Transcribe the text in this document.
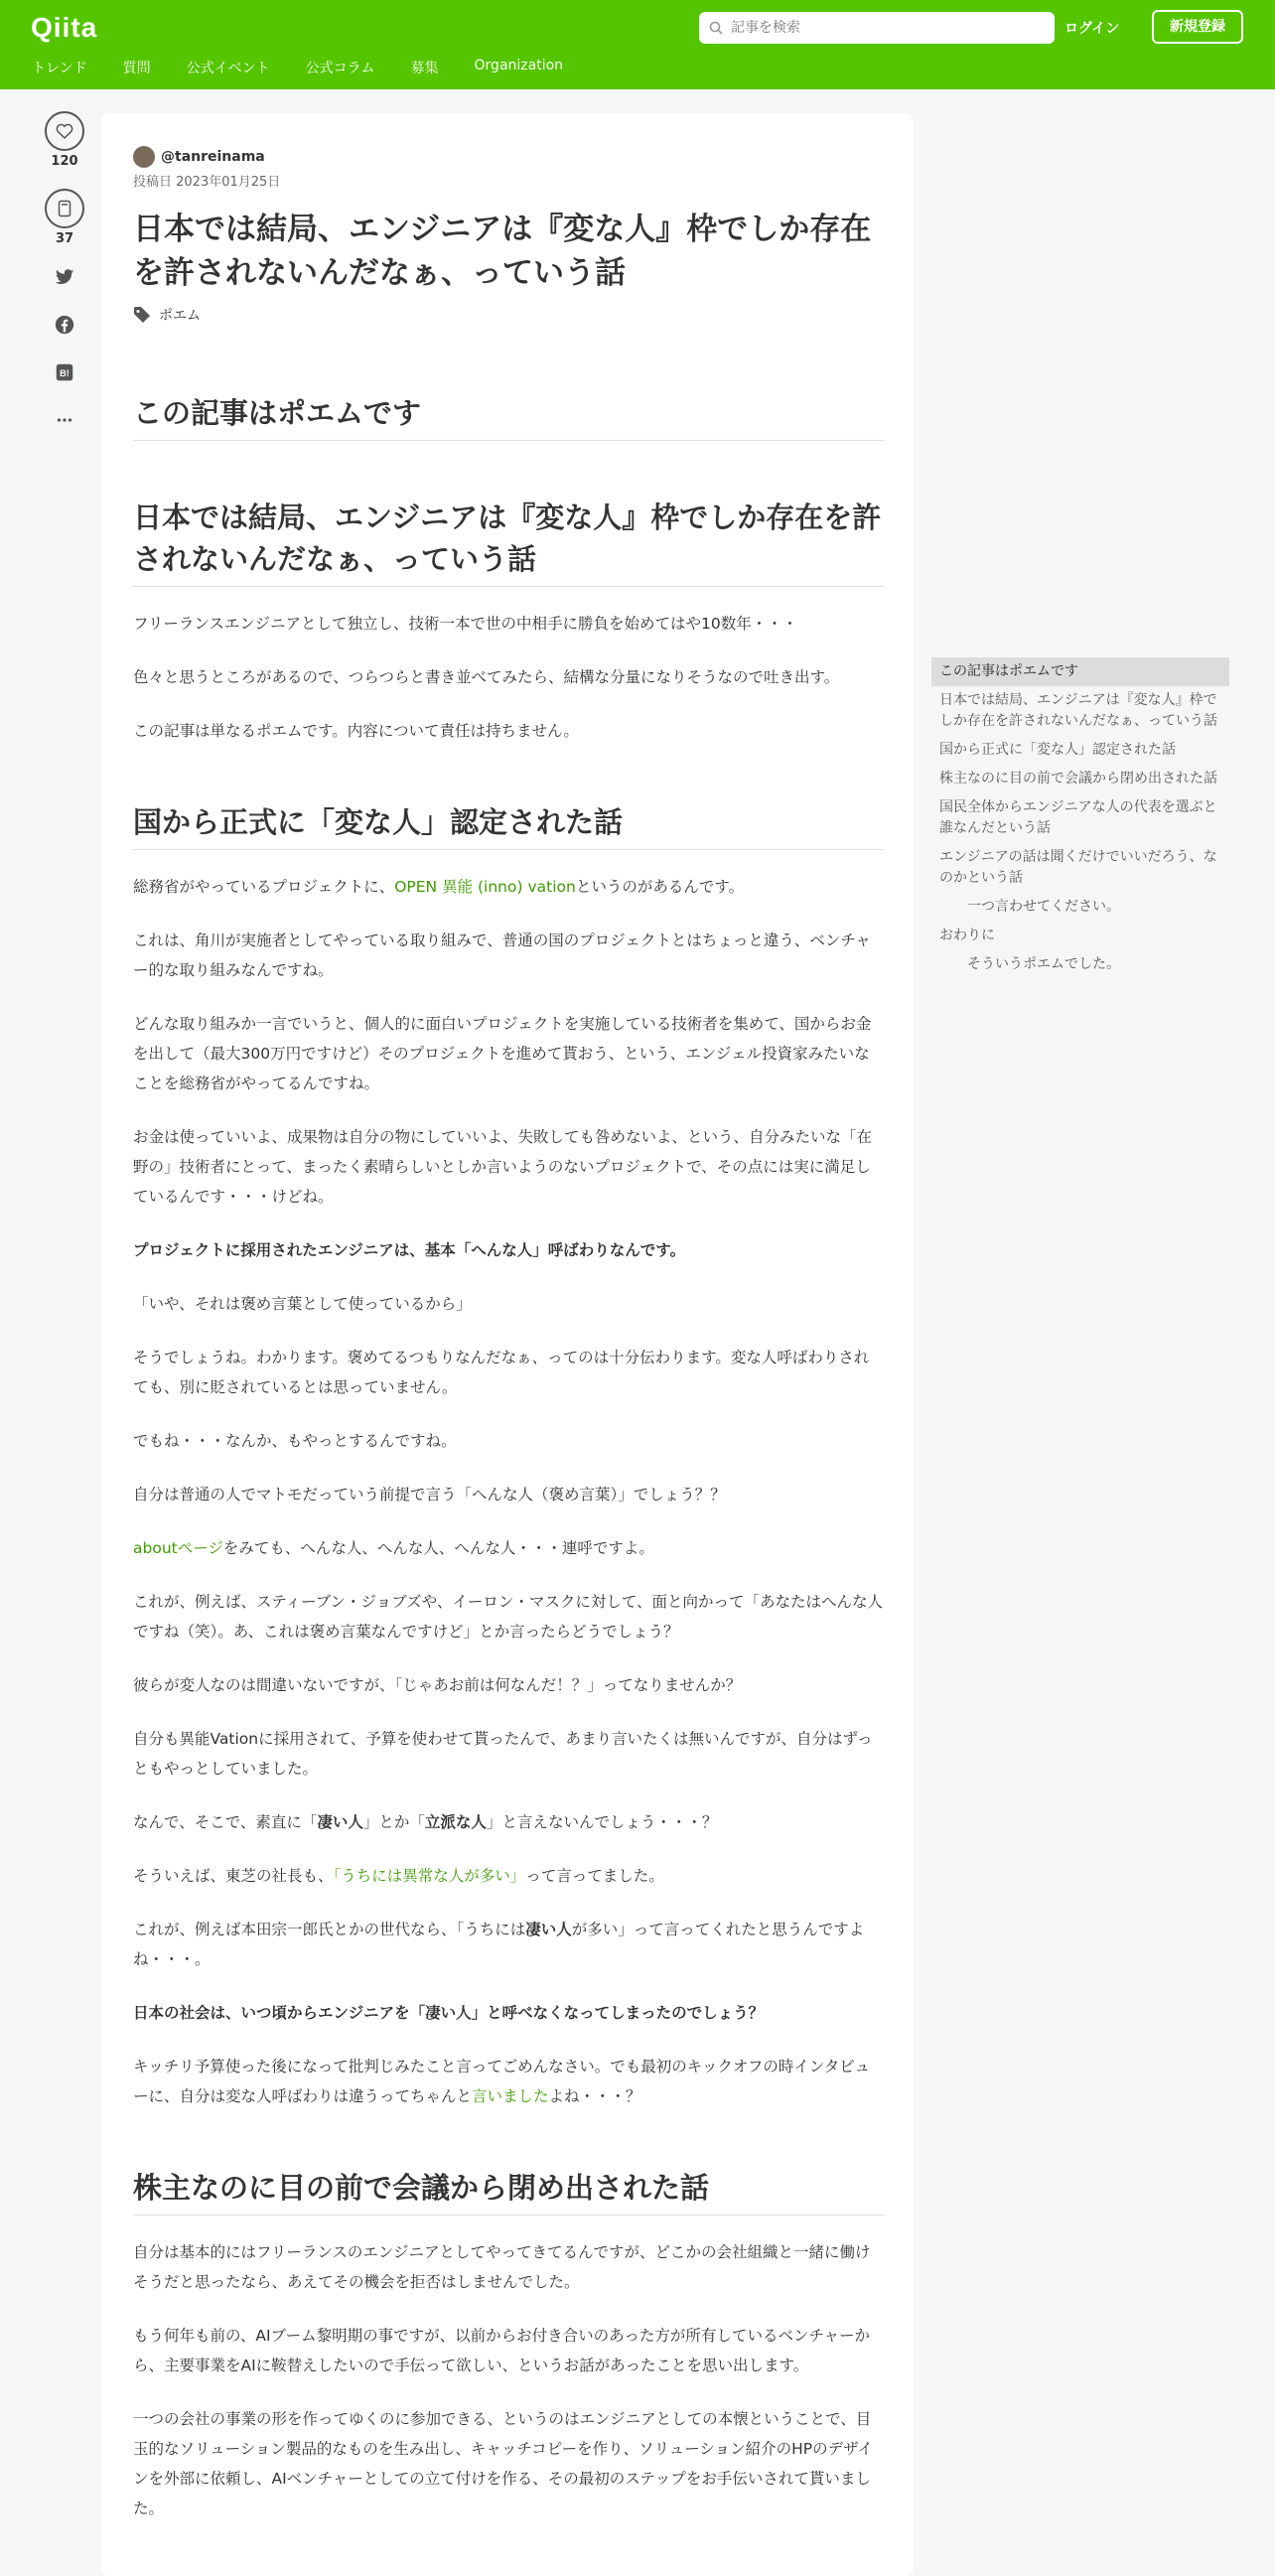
Qiita
記事を検索	ログイン	新規登録
トレンド	質問	公式イベント	公式コラム	募集	Organization
120
37
B!
@tanreinama
投稿日 2023年01月25日
日本では結局、エンジニアは『変な人』枠でしか存在を許されないんだなぁ、っていう話
ポエム
この記事はポエムです
日本では結局、エンジニアは『変な人』枠でしか存在を許されないんだなぁ、っていう話

フリーランスエンジニアとして独立し、技術一本で世の中相手に勝負を始めてはや10数年・・・

色々と思うところがあるので、つらつらと書き並べてみたら、結構な分量になりそうなので吐き出す。

この記事は単なるポエムです。内容について責任は持ちません。

国から正式に「変な人」認定された話

総務省がやっているプロジェクトに、OPEN 異能 (inno) vationというのがあるんです。

これは、角川が実施者としてやっている取り組みで、普通の国のプロジェクトとはちょっと違う、ベンチャー的な取り組みなんですね。

どんな取り組みか一言でいうと、個人的に面白いプロジェクトを実施している技術者を集めて、国からお金を出して（最大300万円ですけど）そのプロジェクトを進めて貰おう、という、エンジェル投資家みたいなことを総務省がやってるんですね。

お金は使っていいよ、成果物は自分の物にしていいよ、失敗しても咎めないよ、という、自分みたいな「在野の」技術者にとって、まったく素晴らしいとしか言いようのないプロジェクトで、その点には実に満足しているんです・・・けどね。

プロジェクトに採用されたエンジニアは、基本「へんな人」呼ばわりなんです。

「いや、それは褒め言葉として使っているから」

そうでしょうね。わかります。褒めてるつもりなんだなぁ、ってのは十分伝わります。変な人呼ばわりされても、別に貶されているとは思っていません。

でもね・・・なんか、もやっとするんですね。

自分は普通の人でマトモだっていう前提で言う「へんな人（褒め言葉）」でしょう？？

aboutページをみても、へんな人、へんな人、へんな人・・・連呼ですよ。

これが、例えば、スティーブン・ジョブズや、イーロン・マスクに対して、面と向かって「あなたはへんな人ですね（笑）。あ、これは褒め言葉なんですけど」とか言ったらどうでしょう？

彼らが変人なのは間違いないですが、「じゃあお前は何なんだ！？」ってなりませんか？

自分も異能Vationに採用されて、予算を使わせて貰ったんで、あまり言いたくは無いんですが、自分はずっともやっとしていました。

なんで、そこで、素直に「凄い人」とか「立派な人」と言えないんでしょう・・・？

そういえば、東芝の社長も、「うちには異常な人が多い」って言ってました。

これが、例えば本田宗一郎氏とかの世代なら、「うちには凄い人が多い」って言ってくれたと思うんですよね・・・。

日本の社会は、いつ頃からエンジニアを「凄い人」と呼べなくなってしまったのでしょう？

キッチリ予算使った後になって批判じみたこと言ってごめんなさい。でも最初のキックオフの時インタビューに、自分は変な人呼ばわりは違うってちゃんと言いましたよね・・・？

株主なのに目の前で会議から閉め出された話

自分は基本的にはフリーランスのエンジニアとしてやってきてるんですが、どこかの会社組織と一緒に働けそうだと思ったなら、あえてその機会を拒否はしませんでした。

もう何年も前の、AIブーム黎明期の事ですが、以前からお付き合いのあった方が所有しているベンチャーから、主要事業をAIに鞍替えしたいので手伝って欲しい、というお話があったことを思い出します。

一つの会社の事業の形を作ってゆくのに参加できる、というのはエンジニアとしての本懐ということで、目玉的なソリューション製品的なものを生み出し、キャッチコピーを作り、ソリューション紹介のHPのデザインを外部に依頼し、AIベンチャーとしての立て付けを作る、その最初のステップをお手伝いされて貰いました。

この記事はポエムです
日本では結局、エンジニアは『変な人』枠でしか存在を許されないんだなぁ、っていう話
国から正式に「変な人」認定された話
株主なのに目の前で会議から閉め出された話
国民全体からエンジニアな人の代表を選ぶと誰なんだという話
エンジニアの話は聞くだけでいいだろう、なのかという話
一つ言わせてください。
おわりに
そういうポエムでした。
